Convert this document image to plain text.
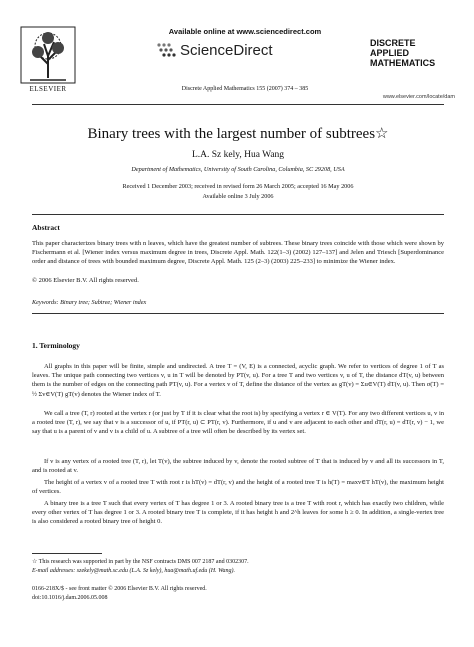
ELSEVIER
Available online at www.sciencedirect.com
ScienceDirect
Discrete Applied Mathematics 155 (2007) 374 – 385
DISCRETE
APPLIED
MATHEMATICS
www.elsevier.com/locate/dam
Binary trees with the largest number of subtrees☆
L.A. Sz kely, Hua Wang
Department of Mathematics, University of South Carolina, Columbia, SC 29208, USA
Received 1 December 2003; received in revised form 26 March 2005; accepted 16 May 2006
Available online 3 July 2006
Abstract
This paper characterizes binary trees with n leaves, which have the greatest number of subtrees. These binary trees coincide with those which were shown by Fischermann et al. [Wiener index versus maximum degree in trees, Discrete Appl. Math. 122(1–3) (2002) 127–137] and Jelen and Triesch [Superdominance order and distance of trees with bounded maximum degree, Discrete Appl. Math. 125 (2–3) (2003) 225–233] to minimize the Wiener index.
© 2006 Elsevier B.V. All rights reserved.
Keywords: Binary tree; Subtree; Wiener index
1. Terminology
All graphs in this paper will be finite, simple and undirected. A tree T = (V, E) is a connected, acyclic graph. We refer to vertices of degree 1 of T as leaves. The unique path connecting two vertices v, u in T will be denoted by PT(v, u). For a tree T and two vertices v, u of T, the distance dT(v, u) between them is the number of edges on the connecting path PT(v, u). For a vertex v of T, define the distance of the vertex as gT(v) = Σu∈V(T) dT(v, u). Then σ(T) = ½ Σv∈V(T) gT(v) denotes the Wiener index of T.
We call a tree (T, r) rooted at the vertex r (or just by T if it is clear what the root is) by specifying a vertex r ∈ V(T). For any two different vertices u, v in a rooted tree (T, r), we say that v is a successor of u, if PT(r, u) ⊂ PT(r, v). Furthermore, if u and v are adjacent to each other and dT(r, u) = dT(r, v) − 1, we say that u is a parent of v and v is a child of u. A subtree of a tree will often be described by its vertex set.
If v is any vertex of a rooted tree (T, r), let T(v), the subtree induced by v, denote the rooted subtree of T that is induced by v and all its successors in T, and is rooted at v.
The height of a vertex v of a rooted tree T with root r is hT(v) = dT(r, v) and the height of a rooted tree T is h(T) = maxv∈T hT(v), the maximum height of vertices.
A binary tree is a tree T such that every vertex of T has degree 1 or 3. A rooted binary tree is a tree T with root r, which has exactly two children, while every other vertex of T has degree 1 or 3. A rooted binary tree T is complete, if it has height h and 2^h leaves for some h ≥ 0. In addition, a single-vertex tree is also considered a rooted binary tree of height 0.
☆ This research was supported in part by the NSF contracts DMS 007 2187 and 0302307.
E-mail addresses: szekely@math.sc.edu (L.A. Sz kely), hua@math.uf.edu (H. Wang).
0166-218X/$ - see front matter © 2006 Elsevier B.V. All rights reserved.
doi:10.1016/j.dam.2006.05.008
